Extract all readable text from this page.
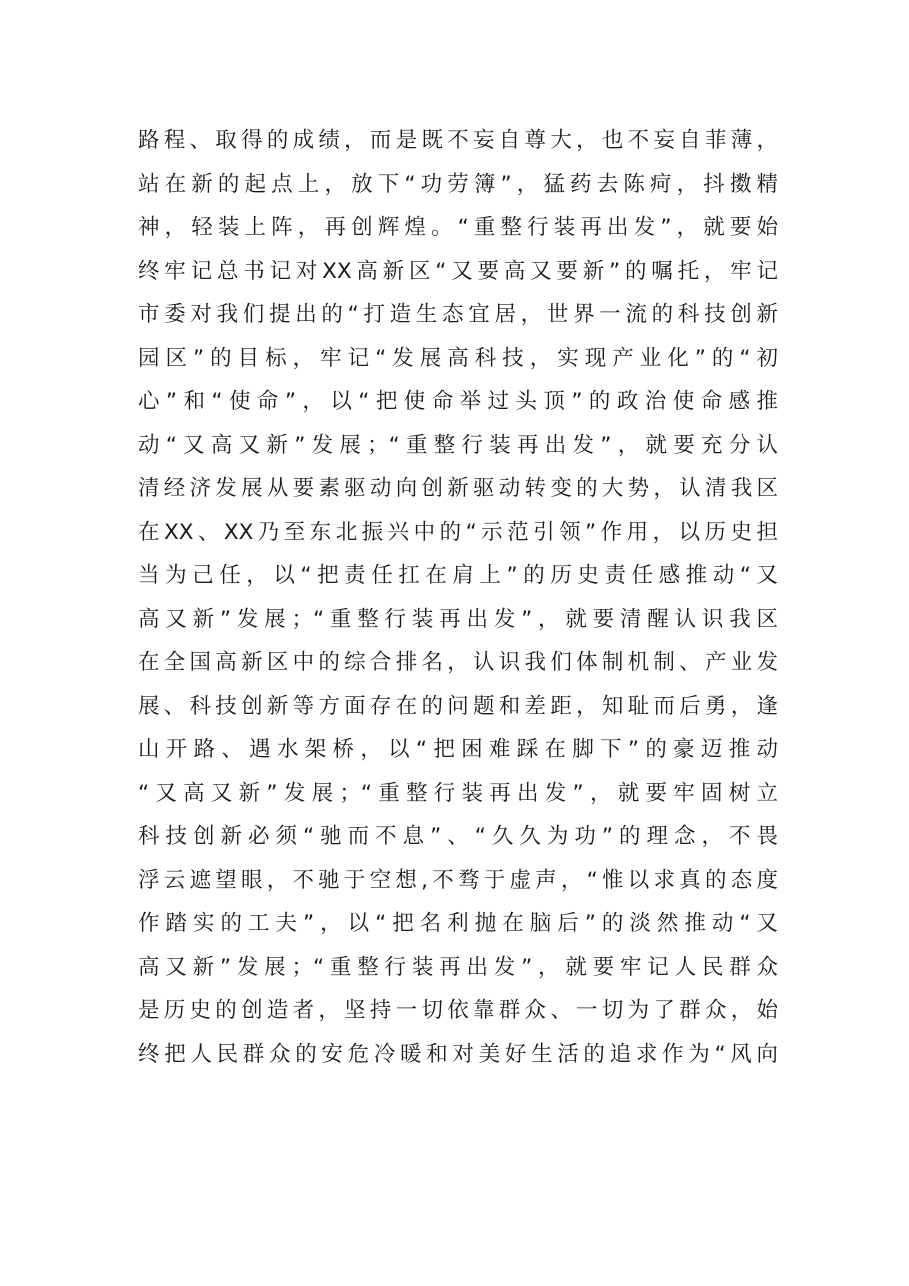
路程、取得的成绩，而是既不妄自尊大，也不妄自菲薄，
站在新的起点上，放下“功劳簿”，猛药去陈疴，抖擞精
神，轻装上阵，再创辉煌。“重整行装再出发”，就要始
终牢记总书记对XX高新区“又要高又要新”的嘱托，牢记
市委对我们提出的“打造生态宜居，世界一流的科技创新
园区”的目标，牢记“发展高科技，实现产业化”的“初
心”和“使命”，以“把使命举过头顶”的政治使命感推
动“又高又新”发展；“重整行装再出发”，就要充分认
清经济发展从要素驱动向创新驱动转变的大势，认清我区
在XX、XX乃至东北振兴中的“示范引领”作用，以历史担
当为己任，以“把责任扛在肩上”的历史责任感推动“又
高又新”发展；“重整行装再出发”，就要清醒认识我区
在全国高新区中的综合排名，认识我们体制机制、产业发
展、科技创新等方面存在的问题和差距，知耻而后勇，逢
山开路、遇水架桥，以“把困难踩在脚下”的豪迈推动
“又高又新”发展；“重整行装再出发”，就要牢固树立
科技创新必须“驰而不息”、“久久为功”的理念，不畏
浮云遮望眼，不驰于空想,不骛于虚声，“惟以求真的态度
作踏实的工夫”，以“把名利抛在脑后”的淡然推动“又
高又新”发展；“重整行装再出发”，就要牢记人民群众
是历史的创造者，坚持一切依靠群众、一切为了群众，始
终把人民群众的安危冷暖和对美好生活的追求作为“风向
